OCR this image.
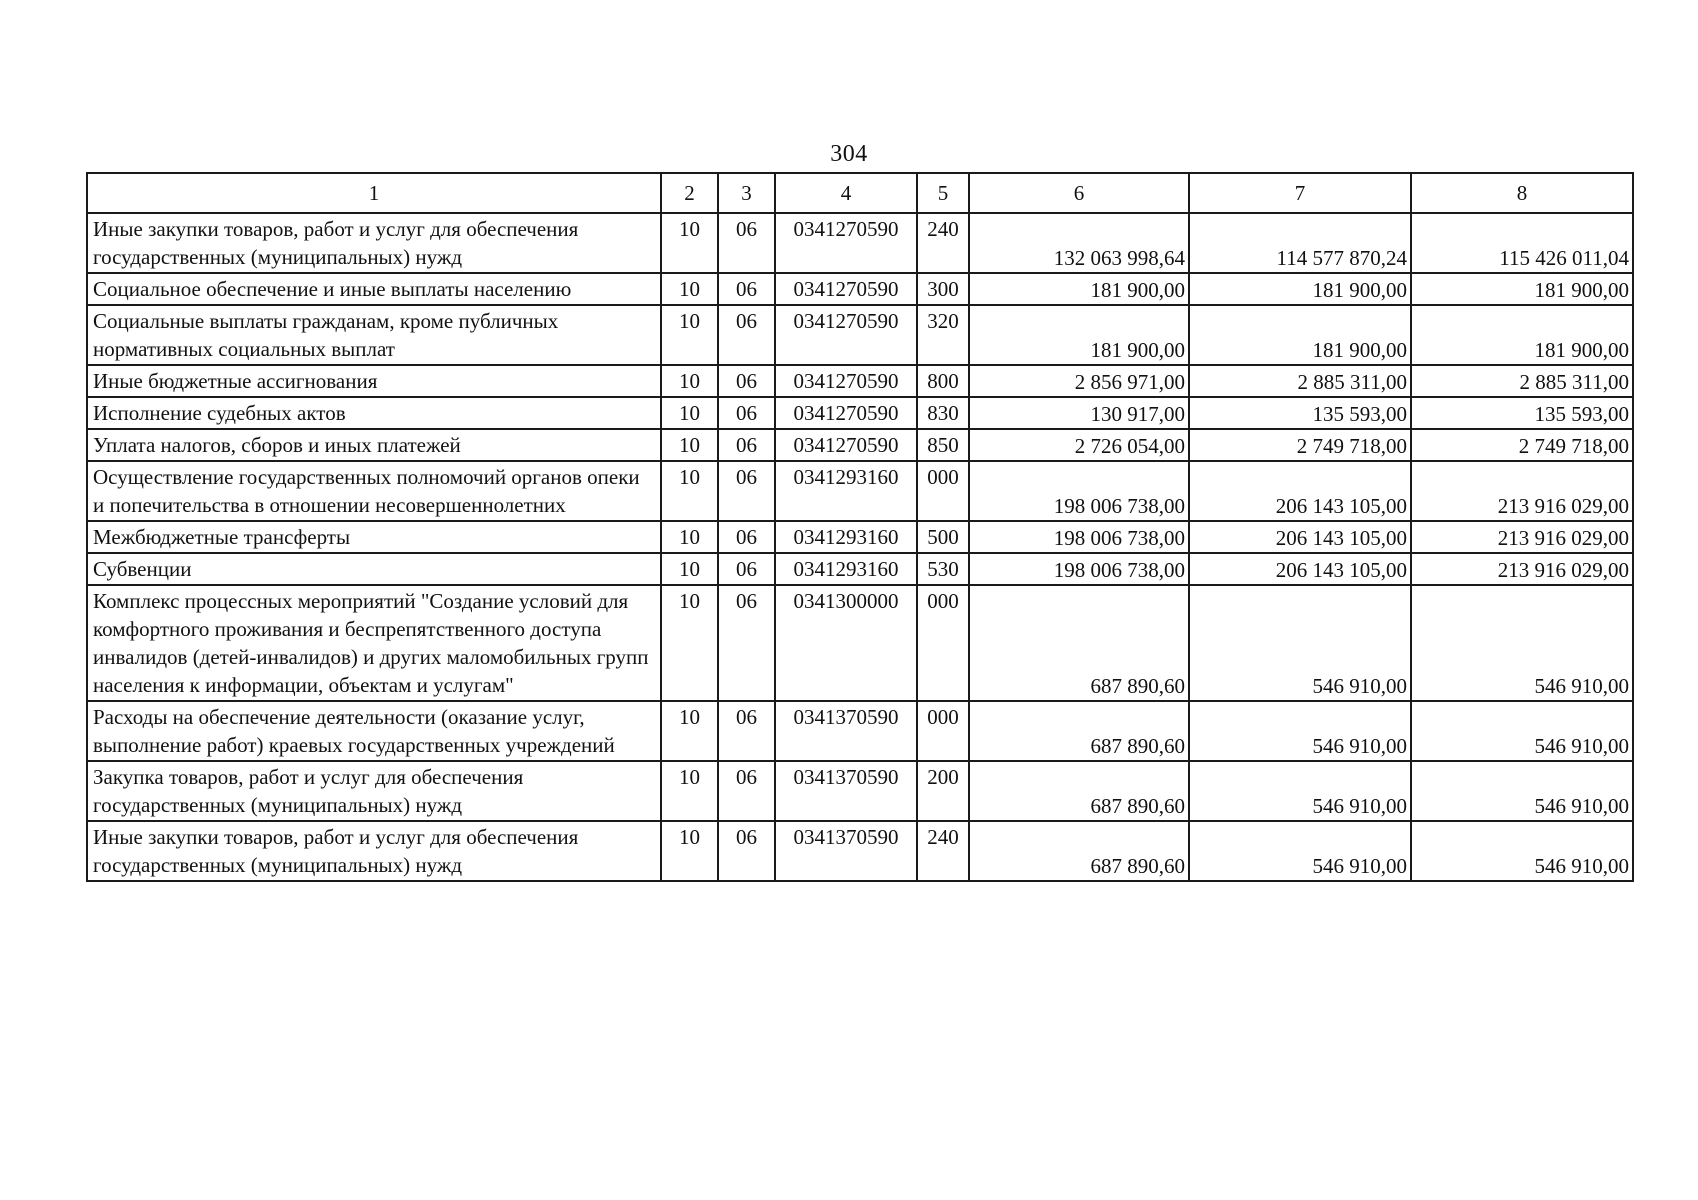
304
1	2	3	4	5	6	7	8
Иные закупки товаров, работ и услуг для обеспечения государственных (муниципальных) нужд	10	06	0341270590	240	132 063 998,64	114 577 870,24	115 426 011,04
Социальное обеспечение и иные выплаты населению	10	06	0341270590	300	181 900,00	181 900,00	181 900,00
Социальные выплаты гражданам, кроме публичных нормативных социальных выплат	10	06	0341270590	320	181 900,00	181 900,00	181 900,00
Иные бюджетные ассигнования	10	06	0341270590	800	2 856 971,00	2 885 311,00	2 885 311,00
Исполнение судебных актов	10	06	0341270590	830	130 917,00	135 593,00	135 593,00
Уплата налогов, сборов и иных платежей	10	06	0341270590	850	2 726 054,00	2 749 718,00	2 749 718,00
Осуществление государственных полномочий органов опеки и попечительства в отношении несовершеннолетних	10	06	0341293160	000	198 006 738,00	206 143 105,00	213 916 029,00
Межбюджетные трансферты	10	06	0341293160	500	198 006 738,00	206 143 105,00	213 916 029,00
Субвенции	10	06	0341293160	530	198 006 738,00	206 143 105,00	213 916 029,00
Комплекс процессных мероприятий "Создание условий для комфортного проживания и беспрепятственного доступа инвалидов (детей-инвалидов) и других маломобильных групп населения к информации, объектам и услугам"	10	06	0341300000	000	687 890,60	546 910,00	546 910,00
Расходы на обеспечение деятельности (оказание услуг, выполнение работ) краевых государственных учреждений	10	06	0341370590	000	687 890,60	546 910,00	546 910,00
Закупка товаров, работ и услуг для обеспечения государственных (муниципальных) нужд	10	06	0341370590	200	687 890,60	546 910,00	546 910,00
Иные закупки товаров, работ и услуг для обеспечения государственных (муниципальных) нужд	10	06	0341370590	240	687 890,60	546 910,00	546 910,00
